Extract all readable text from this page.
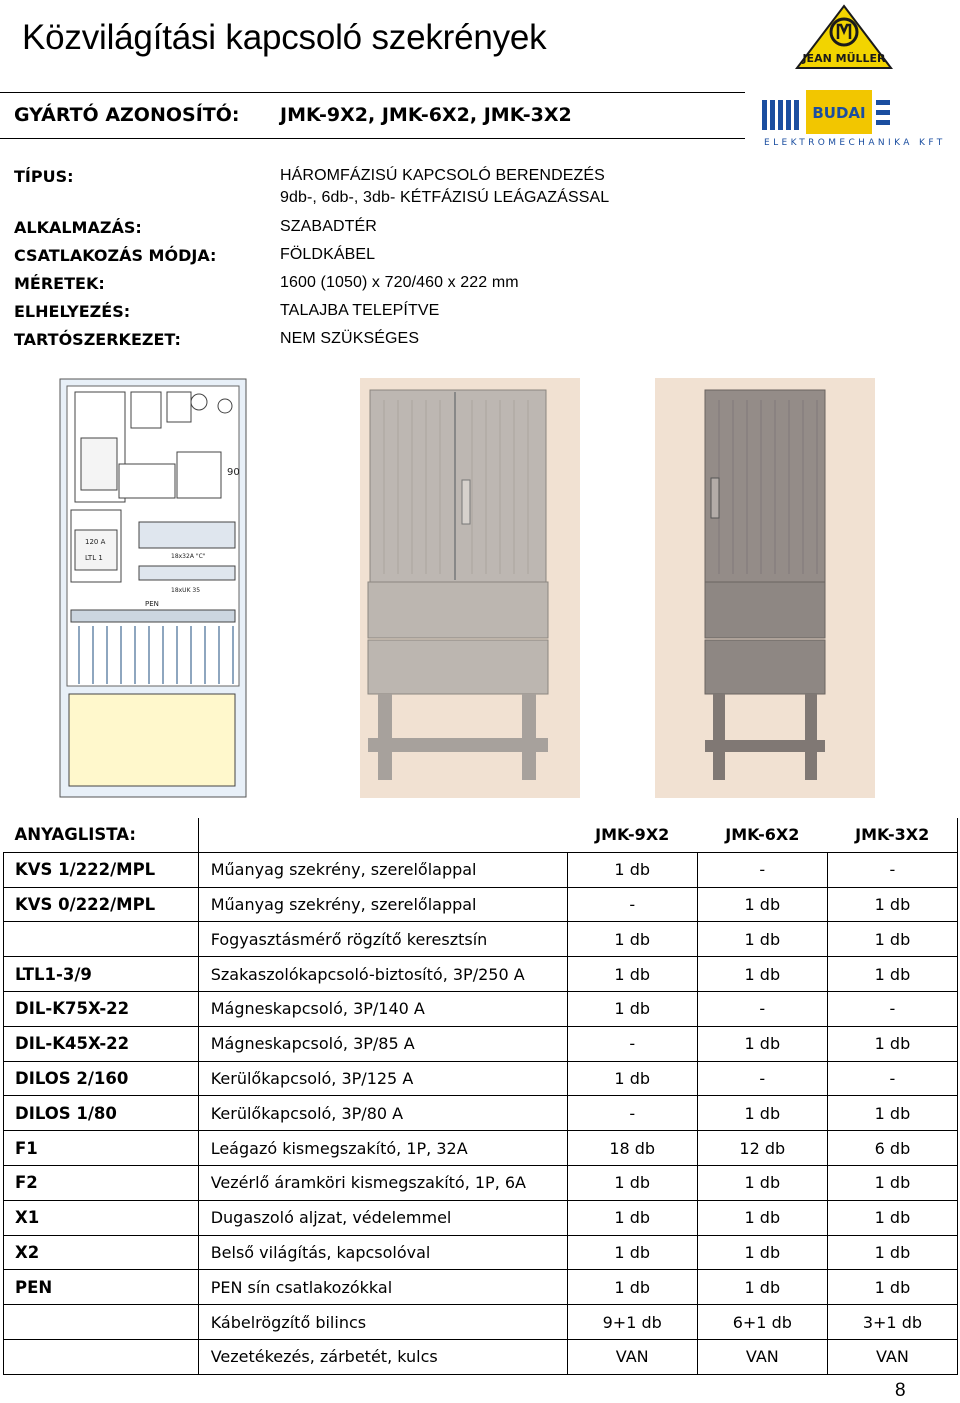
Közvilágítási kapcsoló szekrények
JEAN MÜLLER
BUDAI
ELEKTROMECHANIKA KFT
GYÁRTÓ AZONOSÍTÓ: JMK-9X2, JMK-6X2, JMK-3X2
TÍPUS:	HÁROMFÁZISÚ KAPCSOLÓ BERENDEZÉS
9db-, 6db-, 3db- KÉTFÁZISÚ LEÁGAZÁSSAL
ALKALMAZÁS:	SZABADTÉR
CSATLAKOZÁS MÓDJA:	FÖLDKÁBEL
MÉRETEK:	1600 (1050) x 720/460 x 222 mm
ELHELYEZÉS:	TALAJBA TELEPÍTVE
TARTÓSZERKEZET:	NEM SZÜKSÉGES
90
120 A
LTL 1	18x32A "C"
18xUK 35
PEN
ANYAGLISTA:		JMK-9X2	JMK-6X2	JMK-3X2
KVS 1/222/MPL	Műanyag szekrény, szerelőlappal	1 db	-	-
KVS 0/222/MPL	Műanyag szekrény, szerelőlappal	-	1 db	1 db
	Fogyasztásmérő rögzítő keresztsín	1 db	1 db	1 db
LTL1-3/9	Szakaszolókapcsoló-biztosító, 3P/250 A	1 db	1 db	1 db
DIL-K75X-22	Mágneskapcsoló, 3P/140 A	1 db	-	-
DIL-K45X-22	Mágneskapcsoló, 3P/85 A	-	1 db	1 db
DILOS 2/160	Kerülőkapcsoló, 3P/125 A	1 db	-	-
DILOS 1/80	Kerülőkapcsoló, 3P/80 A	-	1 db	1 db
F1	Leágazó kismegszakító, 1P, 32A	18 db	12 db	6 db
F2	Vezérlő áramköri kismegszakító, 1P, 6A	1 db	1 db	1 db
X1	Dugaszoló aljzat, védelemmel	1 db	1 db	1 db
X2	Belső világítás, kapcsolóval	1 db	1 db	1 db
PEN	PEN sín csatlakozókkal	1 db	1 db	1 db
	Kábelrögzítő bilincs	9+1 db	6+1 db	3+1 db
	Vezetékezés, zárbetét, kulcs	VAN	VAN	VAN
8
